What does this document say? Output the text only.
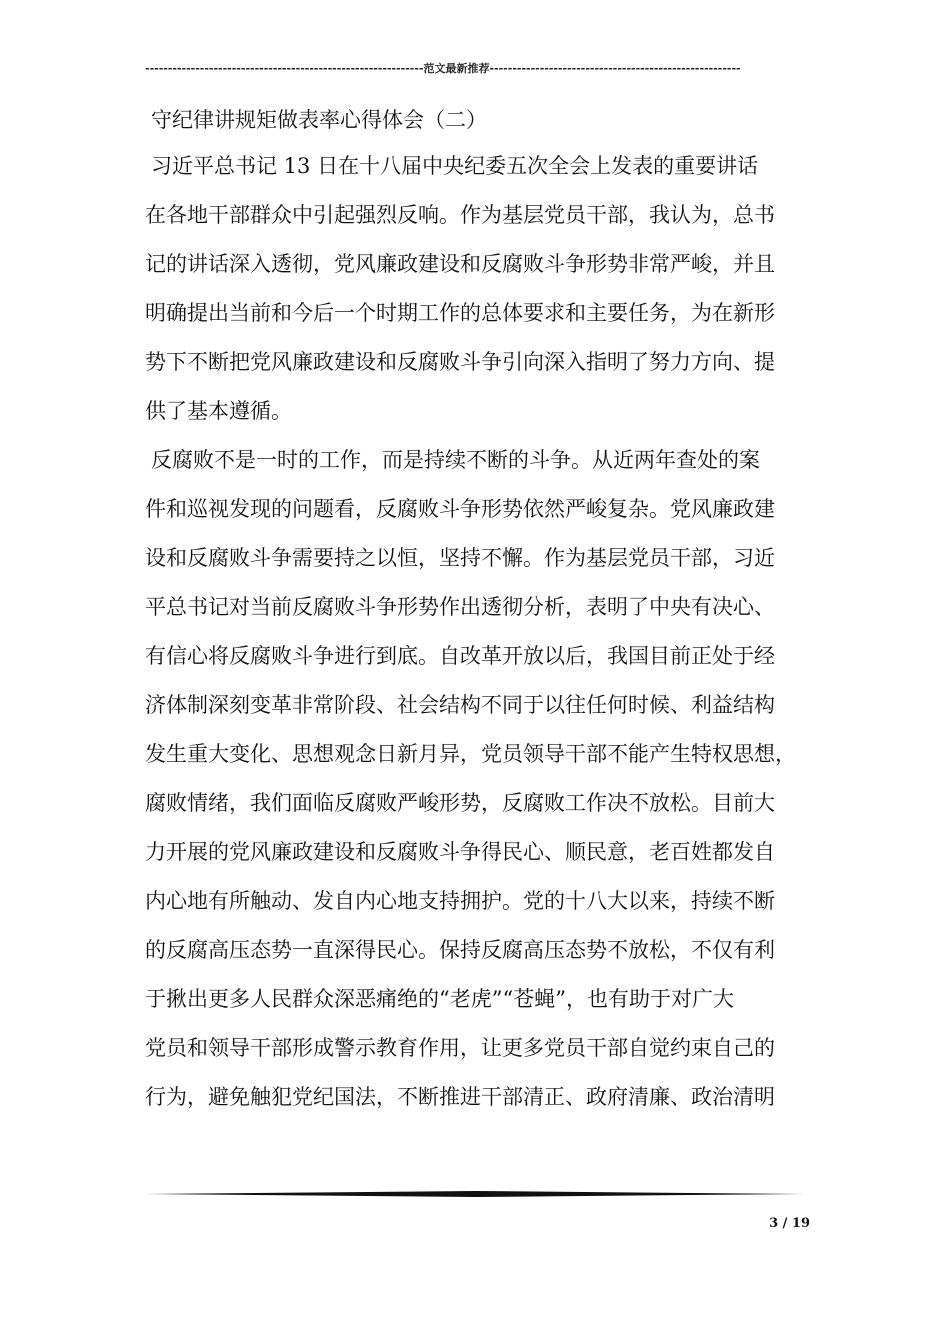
-------------------------------------------------------------范文最新推荐-------------------------------------------------------
守纪律讲规矩做表率心得体会（二）
习近平总书记 13 日在十八届中央纪委五次全会上发表的重要讲话
在各地干部群众中引起强烈反响。作为基层党员干部，我认为，总书
记的讲话深入透彻，党风廉政建设和反腐败斗争形势非常严峻，并且
明确提出当前和今后一个时期工作的总体要求和主要任务，为在新形
势下不断把党风廉政建设和反腐败斗争引向深入指明了努力方向、提
供了基本遵循。
反腐败不是一时的工作，而是持续不断的斗争。从近两年查处的案
件和巡视发现的问题看，反腐败斗争形势依然严峻复杂。党风廉政建
设和反腐败斗争需要持之以恒，坚持不懈。作为基层党员干部，习近
平总书记对当前反腐败斗争形势作出透彻分析，表明了中央有决心、
有信心将反腐败斗争进行到底。自改革开放以后，我国目前正处于经
济体制深刻变革非常阶段、社会结构不同于以往任何时候、利益结构
发生重大变化、思想观念日新月异，党员领导干部不能产生特权思想，
腐败情绪，我们面临反腐败严峻形势，反腐败工作决不放松。目前大
力开展的党风廉政建设和反腐败斗争得民心、顺民意，老百姓都发自
内心地有所触动、发自内心地支持拥护。党的十八大以来，持续不断
的反腐高压态势一直深得民心。保持反腐高压态势不放松，不仅有利
于揪出更多人民群众深恶痛绝的“老虎”“苍蝇”，也有助于对广大
党员和领导干部形成警示教育作用，让更多党员干部自觉约束自己的
行为，避免触犯党纪国法，不断推进干部清正、政府清廉、政治清明
3 / 19
